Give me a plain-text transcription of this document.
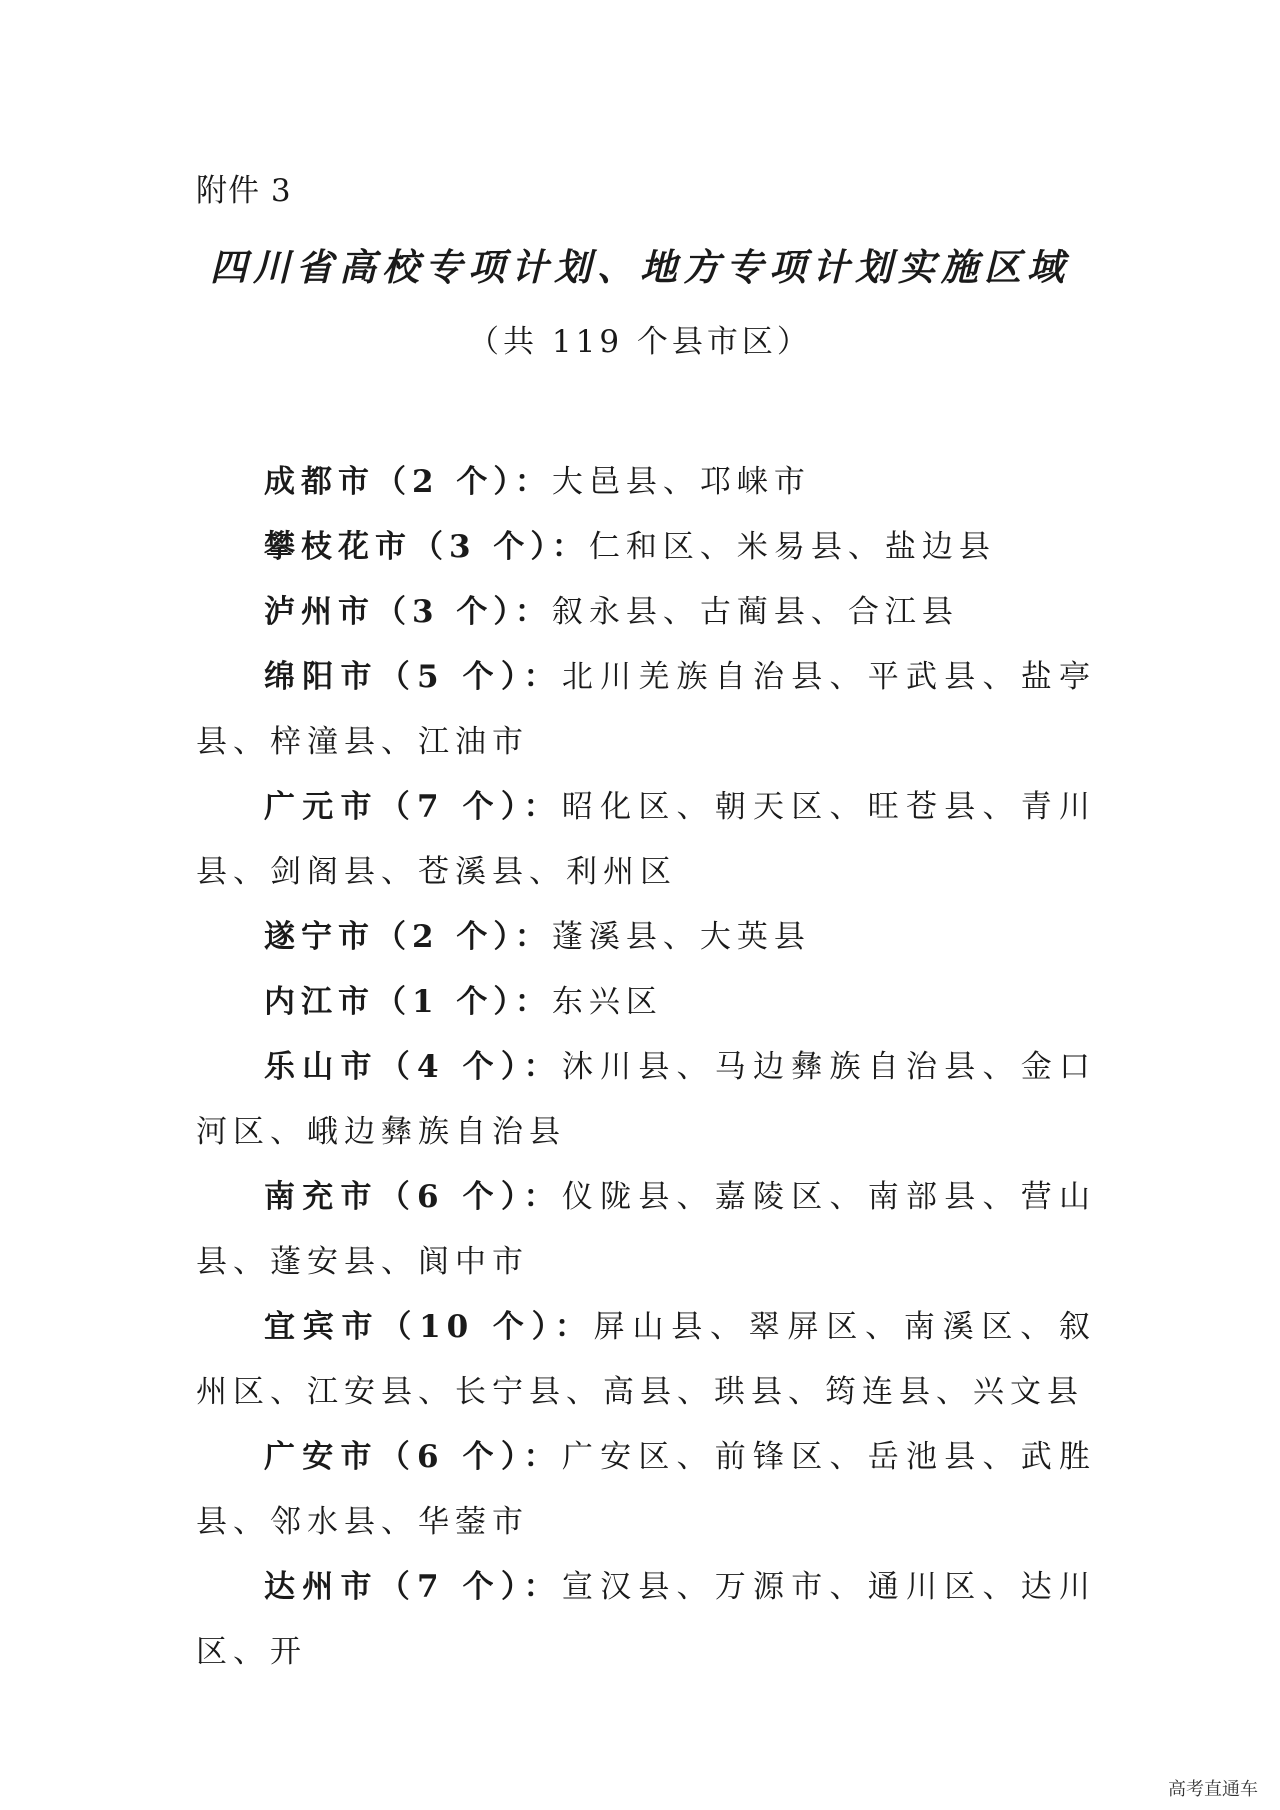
附件 3
四川省高校专项计划、地方专项计划实施区域
（共 119 个县市区）

成都市（2 个）：大邑县、邛崃市

攀枝花市（3 个）：仁和区、米易县、盐边县

泸州市（3 个）：叙永县、古蔺县、合江县

绵阳市（5 个）：北川羌族自治县、平武县、盐亭县、梓潼县、江油市

广元市（7 个）：昭化区、朝天区、旺苍县、青川县、剑阁县、苍溪县、利州区

遂宁市（2 个）：蓬溪县、大英县

内江市（1 个）：东兴区

乐山市（4 个）：沐川县、马边彝族自治县、金口河区、峨边彝族自治县

南充市（6 个）：仪陇县、嘉陵区、南部县、营山县、蓬安县、阆中市

宜宾市（10 个）：屏山县、翠屏区、南溪区、叙州区、江安县、长宁县、高县、珙县、筠连县、兴文县

广安市（6 个）：广安区、前锋区、岳池县、武胜县、邻水县、华蓥市

达州市（7 个）：宣汉县、万源市、通川区、达川区、开

高考直通车
